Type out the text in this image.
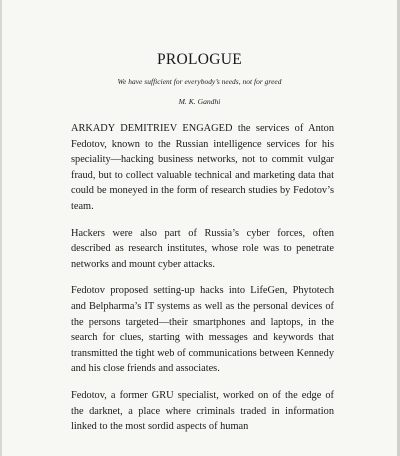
PROLOGUE
We have sufficient for everybody’s needs, not for greed
M. K. Gandhi

ARKADY DEMITRIEV ENGAGED the services of Anton Fedotov, known to the Russian intelligence services for his speciality—hacking business networks, not to commit vulgar fraud, but to collect valuable technical and marketing data that could be moneyed in the form of research studies by Fedotov’s team.

Hackers were also part of Russia’s cyber forces, often described as research institutes, whose role was to penetrate networks and mount cyber attacks.

Fedotov proposed setting-up hacks into LifeGen, Phytotech and Belpharma’s IT systems as well as the personal devices of the persons targeted—their smartphones and laptops, in the search for clues, starting with messages and keywords that transmitted the tight web of communications between Kennedy and his close friends and associates.

Fedotov, a former GRU specialist, worked on of the edge of the darknet, a place where criminals traded in information linked to the most sordid aspects of human
